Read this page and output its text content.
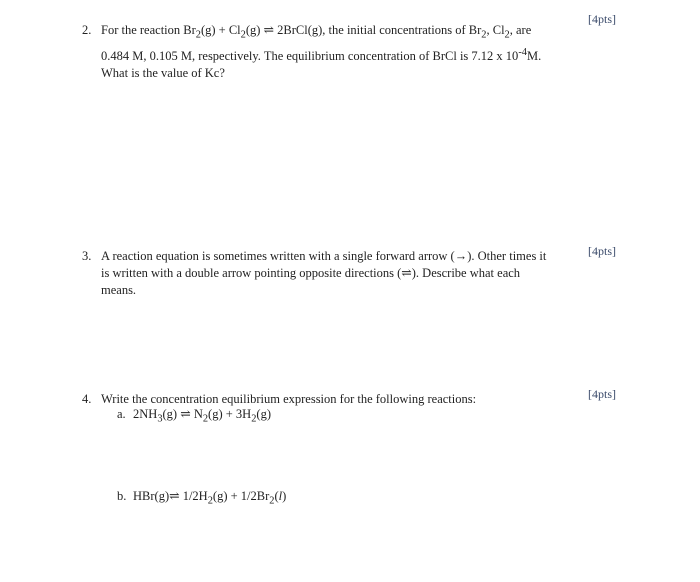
2. For the reaction $Br_2(g) + Cl_2(g)$ ⇌ 2BrCl(g), the initial concentrations of $Br_2$, $Cl_2$, are 0.484 M, 0.105 M, respectively. The equilibrium concentration of BrCl is 7.12 x $10^{-4}M$. What is the value of Kc?
[4pts]
3. A reaction equation is sometimes written with a single forward arrow (→). Other times it is written with a double arrow pointing opposite directions (⇌). Describe what each means.
[4pts]
4. Write the concentration equilibrium expression for the following reactions:	[4pts]
a. $2NH_3(g)$ ⇌ $N_2(g) + 3H_2(g)$
b. HBr(g)⇌ $1/2H_2(g) + 1/2Br_2(l)$
